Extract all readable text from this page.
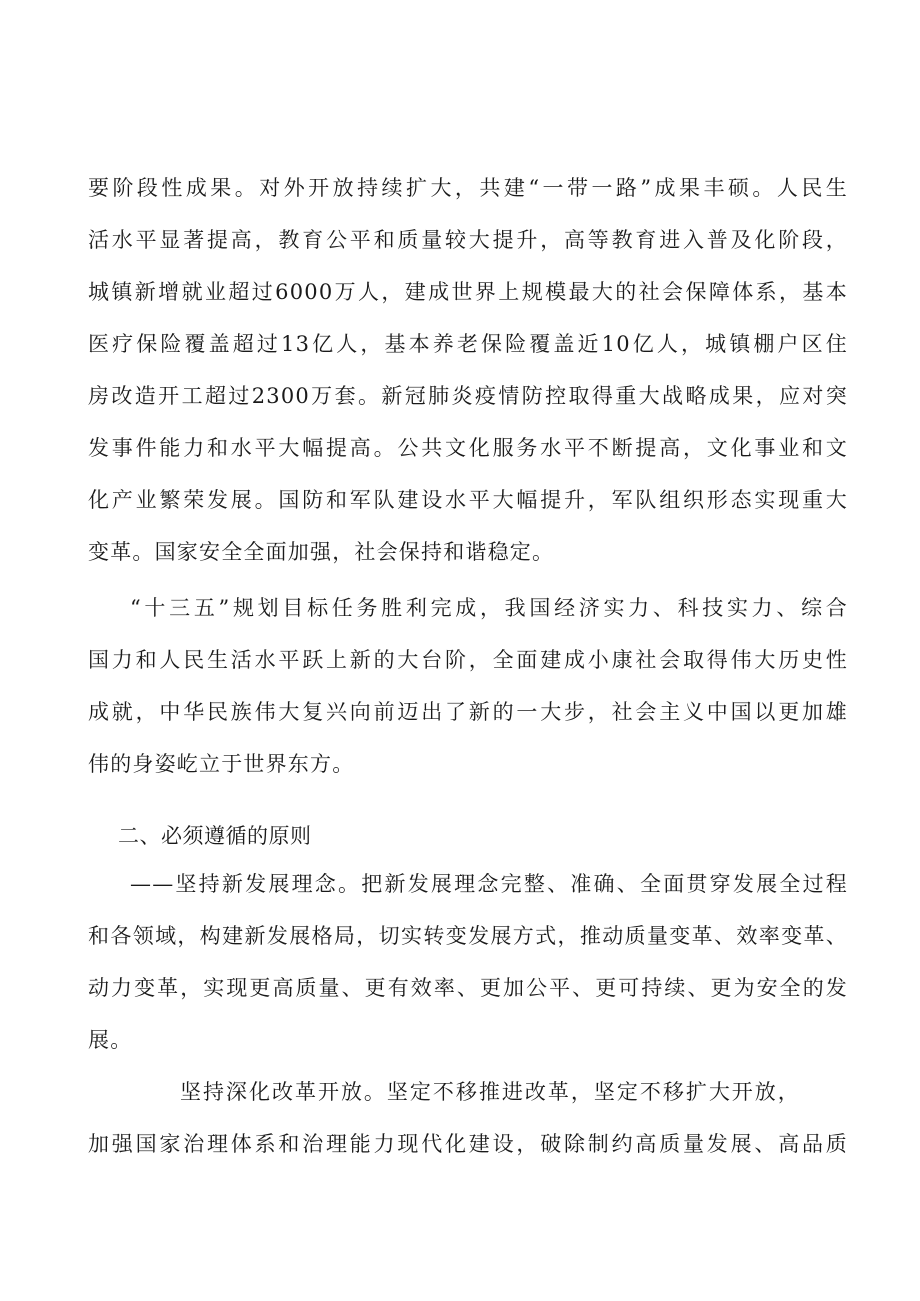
要阶段性成果。对外开放持续扩大，共建“一带一路”成果丰硕。人民生
活水平显著提高，教育公平和质量较大提升，高等教育进入普及化阶段，
城镇新增就业超过6000万人，建成世界上规模最大的社会保障体系，基本
医疗保险覆盖超过13亿人，基本养老保险覆盖近10亿人，城镇棚户区住
房改造开工超过2300万套。新冠肺炎疫情防控取得重大战略成果，应对突
发事件能力和水平大幅提高。公共文化服务水平不断提高，文化事业和文
化产业繁荣发展。国防和军队建设水平大幅提升，军队组织形态实现重大
变革。国家安全全面加强，社会保持和谐稳定。
“十三五”规划目标任务胜利完成，我国经济实力、科技实力、综合
国力和人民生活水平跃上新的大台阶，全面建成小康社会取得伟大历史性
成就，中华民族伟大复兴向前迈出了新的一大步，社会主义中国以更加雄
伟的身姿屹立于世界东方。
二、必须遵循的原则
——坚持新发展理念。把新发展理念完整、准确、全面贯穿发展全过程
和各领域，构建新发展格局，切实转变发展方式，推动质量变革、效率变革、
动力变革，实现更高质量、更有效率、更加公平、更可持续、更为安全的发
展。
坚持深化改革开放。坚定不移推进改革，坚定不移扩大开放，
加强国家治理体系和治理能力现代化建设，破除制约高质量发展、高品质
